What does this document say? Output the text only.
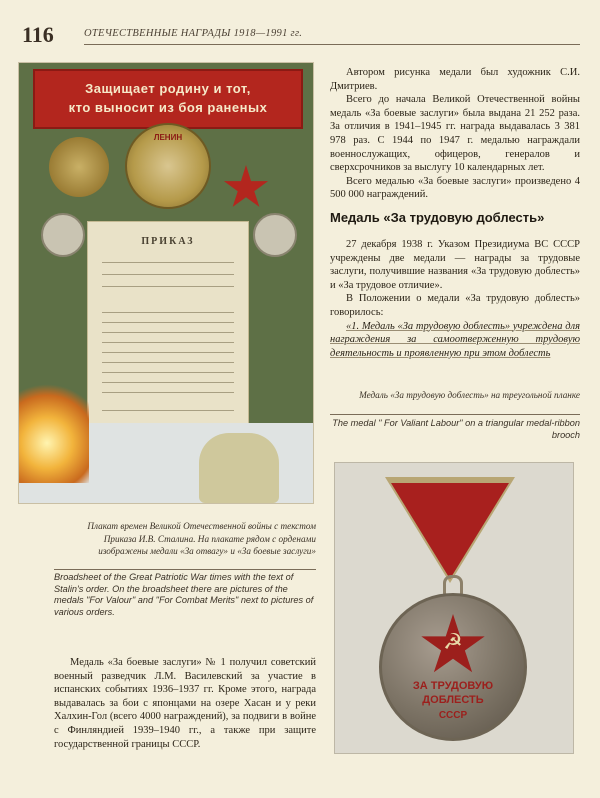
116	ОТЕЧЕСТВЕННЫЕ НАГРАДЫ 1918—1991 гг.
Защищает родину и тот,
кто выносит из боя раненых
ЛЕНИН
ПРИКАЗ
Плакат времен Великой Отечественной войны с текстом Приказа И.В. Сталина. На плакате рядом с орденами изображены медали «За отвагу» и «За боевые заслуги»
Broadsheet of the Great Patriotic War times with the text of Stalin's order. On the broadsheet there are pictures of the medals "For Valour" and "For Combat Merits" next to pictures of various orders.
Медаль «За боевые заслуги» № 1 получил советский военный разведчик Л.М. Василевский за участие в испанских событиях 1936–1937 гг. Кроме этого, награда выдавалась за бои с японцами на озере Хасан и у реки Халхин-Гол (всего 4000 награждений), за подвиги в войне с Финляндией 1939–1940 гг., а также при защите государственной границы СССР.

Автором рисунка медали был художник С.И. Дмитриев.

Всего до начала Великой Отечественной войны медаль «За боевые заслуги» была выдана 21 252 раза. За отличия в 1941–1945 гг. награда выдавалась 3 381 978 раз. С 1944 по 1947 г. медалью награждали военнослужащих, офицеров, генералов и сверхсрочников за выслугу 10 календарных лет.

Всего медалью «За боевые заслуги» произведено 4 500 000 награждений.

Медаль «За трудовую доблесть»

27 декабря 1938 г. Указом Президиума ВС СССР учреждены две медали — награды за трудовые заслуги, получившие названия «За трудовую доблесть» и «За трудовое отличие».

В Положении о медали «За трудовую доблесть» говорилось:

«1. Медаль «За трудовую доблесть» учреждена для награждения за самоотверженную трудовую деятельность и проявленную при этом доблесть

Медаль «За трудовую доблесть» на треугольной планке
The medal " For Valiant Labour" on a triangular medal-ribbon brooch
☭
ЗА ТРУДОВУЮ
ДОБЛЕСТЬ
СССР
